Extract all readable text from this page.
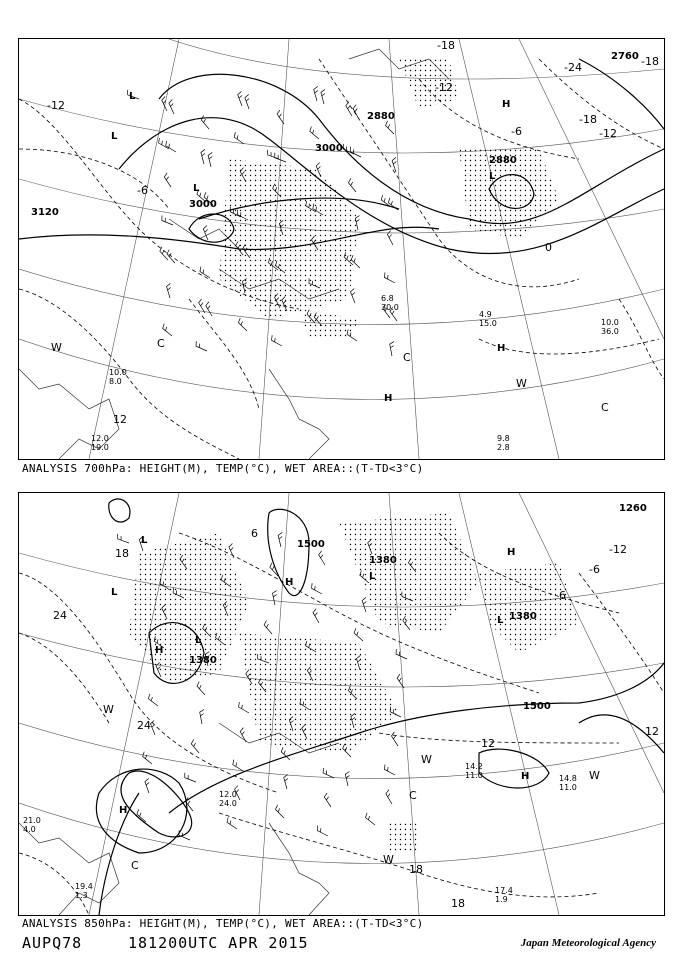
3120
3000
3000
2880
2880
2760
-12
-6
-12
-18
-24	-18
-6
0
12
-18
-12
L
L
L
L
H
H
H
C
C
C
W
W
10.0 36.0
4.9 15.0
9.8 2.8
6.8 30.0
10.0 8.0
12.0 19.0
ANALYSIS 700hPa: HEIGHT(M), TEMP(°C), WET AREA::(T-TD<3°C)
1500
1500
1380
1380
1380
1260
18
24
24
18
12
12
6
-6
-12
18
6
L
L
L
L
L
H
H
H
H
H
C
C
W
W
W
W
14.2 11.0	14.8 11.0
17.4 1.9
19.4 1.3
21.0 4.0
12.0 24.0
ANALYSIS 850hPa: HEIGHT(M), TEMP(°C), WET AREA::(T-TD<3°C)
AUPQ78	181200UTC APR 2015	Japan Meteorological Agency
